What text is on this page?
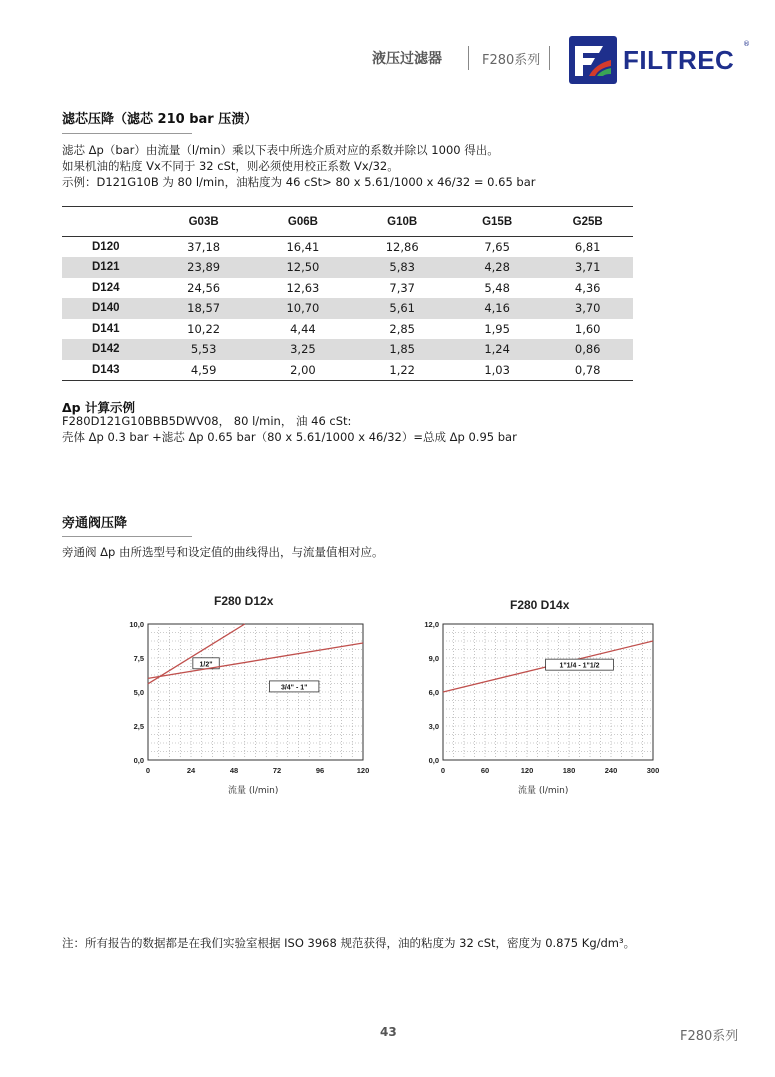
液压过滤器	F280系列	FILTREC
®
滤芯压降（滤芯 210 bar 压溃）
滤芯 Δp（bar）由流量（l/min）乘以下表中所选介质对应的系数并除以 1000 得出。
如果机油的粘度 Vx不同于 32 cSt，则必须使用校正系数 Vx/32。
示例：D121G10B 为 80 l/min，油粘度为 46 cSt> 80 x 5.61/1000 x 46/32 = 0.65 bar
	G03B	G06B	G10B	G15B	G25B
D120	37,18	16,41	12,86	7,65	6,81
D121	23,89	12,50	5,83	4,28	3,71
D124	24,56	12,63	7,37	5,48	4,36
D140	18,57	10,70	5,61	4,16	3,70
D141	10,22	4,44	2,85	1,95	1,60
D142	5,53	3,25	1,85	1,24	0,86
D143	4,59	2,00	1,22	1,03	0,78
Δp 计算示例
F280D121G10BBB5DWV08， 80 l/min， 油 46 cSt:
壳体 Δp 0.3 bar +滤芯 Δp 0.65 bar（80 x 5.61/1000 x 46/32）=总成 Δp 0.95 bar
旁通阀压降
旁通阀 Δp 由所选型号和设定值的曲线得出，与流量值相对应。
F280 D12x
0	24	48	72	96	120
0,0
2,5
5,0
7,5
10,0
1/2"
3/4" - 1"
流量 (l/min)
F280 D14x
0	60	120	180	240	300
0,0
3,0
6,0
9,0
12,0
1"1/4 - 1"1/2
流量 (l/min)
注：所有报告的数据都是在我们实验室根据 ISO 3968 规范获得，油的粘度为 32 cSt，密度为 0.875 Kg/dm³。
43	F280系列
